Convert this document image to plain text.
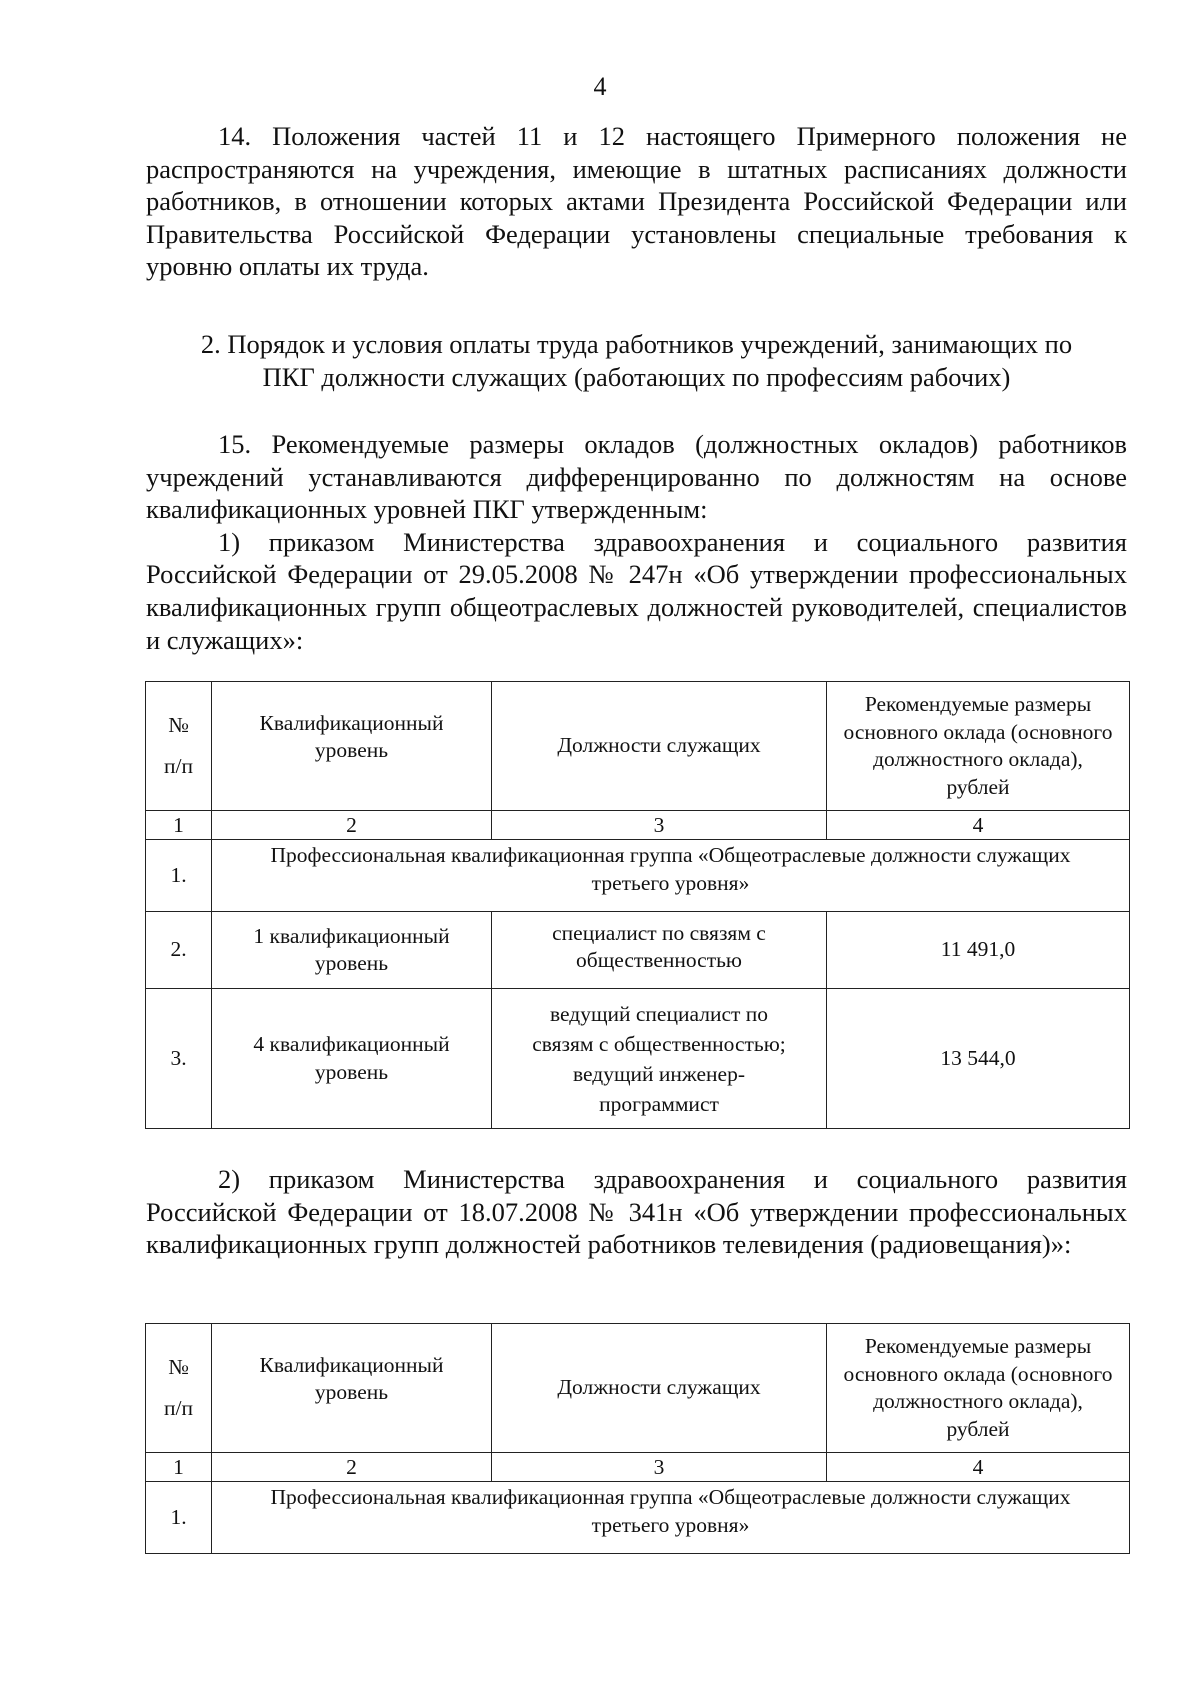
4

14. Положения частей 11 и 12 настоящего Примерного положения не распространяются на учреждения, имеющие в штатных расписаниях должности работников, в отношении которых актами Президента Российской Федерации или Правительства Российской Федерации установлены специальные требования к уровню оплаты их труда.

2. Порядок и условия оплаты труда работников учреждений, занимающих по
ПКГ должности служащих (работающих по профессиям рабочих)

15. Рекомендуемые размеры окладов (должностных окладов) работников учреждений устанавливаются дифференцированно по должностям на основе квалификационных уровней ПКГ утвержденным:

1) приказом Министерства здравоохранения и социального развития Российской Федерации от 29.05.2008 № 247н «Об утверждении профессиональных квалификационных групп общеотраслевых должностей руководителей, специалистов и служащих»:

№
п/п	Квалификационный уровень	Должности служащих	Рекомендуемые размеры основного оклада (основного должностного оклада), рублей

1	2	3	4
1.	Профессиональная квалификационная группа «Общеотраслевые должности служащих третьего уровня»		

2.	1 квалификационный уровень	специалист по связям с общественностью	11 491,0
3.	4 квалификационный уровень	ведущий специалист по связям с общественностью; ведущий инженер-программист	13 544,0

2) приказом Министерства здравоохранения и социального развития Российской Федерации от 18.07.2008 № 341н «Об утверждении профессиональных квалификационных групп должностей работников телевидения (радиовещания)»:

№
п/п	Квалификационный уровень	Должности служащих	Рекомендуемые размеры основного оклада (основного должностного оклада), рублей

1	2	3	4
1.	Профессиональная квалификационная группа «Общеотраслевые должности служащих третьего уровня»		
